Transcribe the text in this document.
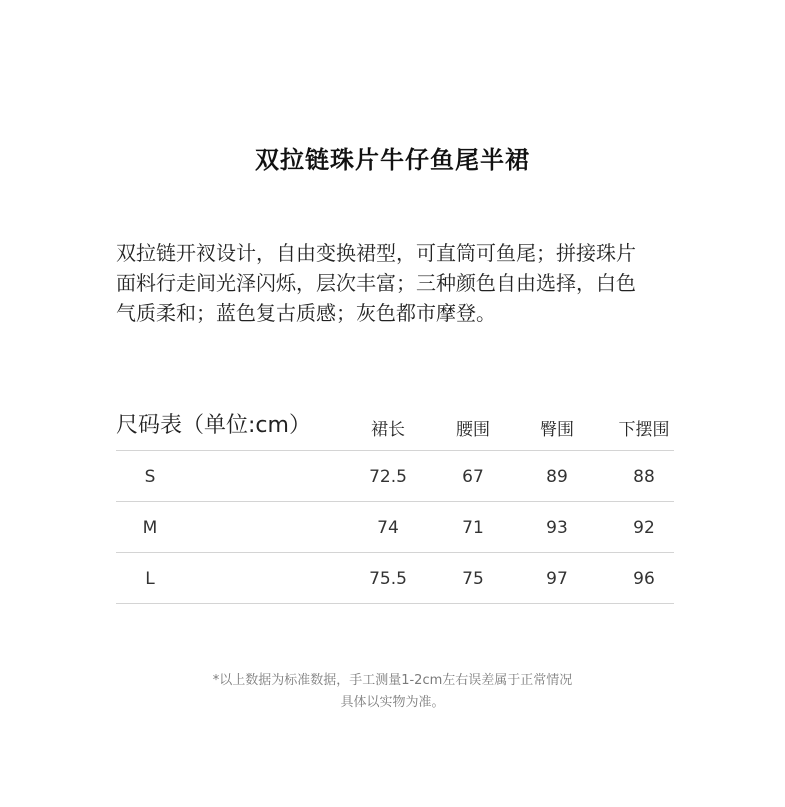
双拉链珠片牛仔鱼尾半裙

双拉链开衩设计，自由变换裙型，可直筒可鱼尾；拼接珠片

面料行走间光泽闪烁，层次丰富；三种颜色自由选择，白色

气质柔和；蓝色复古质感；灰色都市摩登。

尺码表（单位:cm）	裙长	腰围	臀围	下摆围
S	72.5	67	89	88
M	74	71	93	92
L	75.5	75	97	96

*以上数据为标准数据，手工测量1-2cm左右误差属于正常情况

具体以实物为准。
